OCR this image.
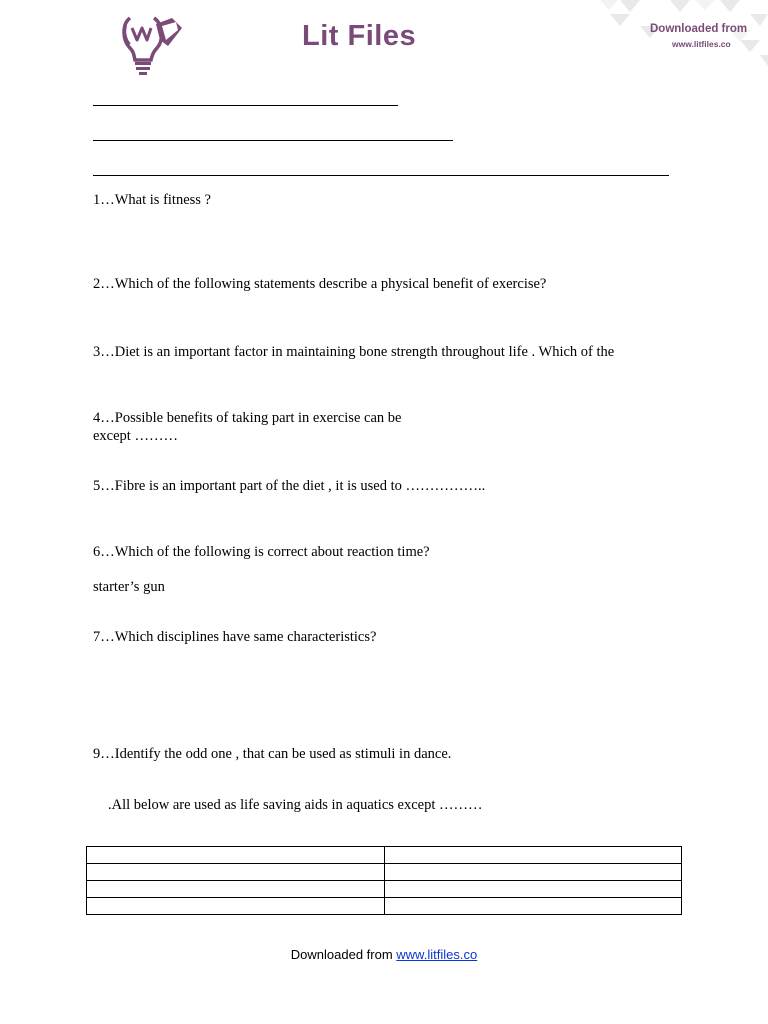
Lit Files	Downloaded from
www.litfiles.co
1…What is fitness ?
2…Which of the following statements describe a physical benefit of exercise?
3…Diet is an important factor in maintaining bone strength throughout life . Which of the
4…Possible benefits of taking part in exercise can be
except ………
5…Fibre is an important part of the diet , it is used to ……………..
6…Which of the following is correct about reaction time?
starter’s gun
7…Which disciplines have same characteristics?
9…Identify the odd one , that can be used as stimuli in dance.
.All below are used as life saving aids in aquatics except ………

Downloaded from www.litfiles.co
